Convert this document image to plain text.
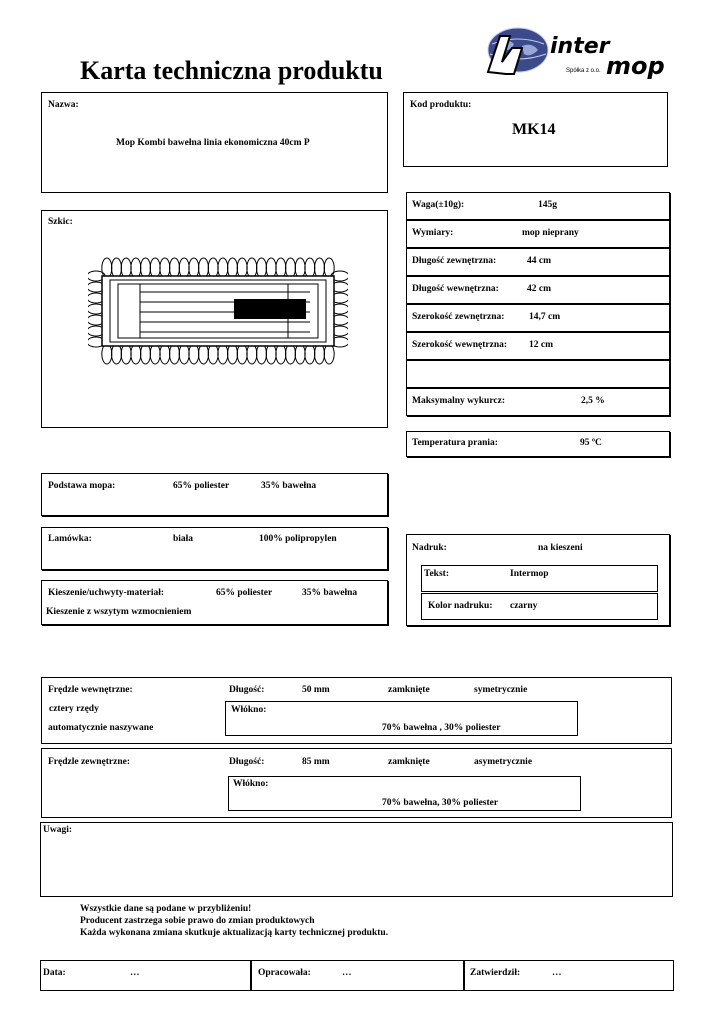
Karta techniczna produktu
inter
mop
Spółka z o.o.
Nazwa:
Mop Kombi bawełna linia ekonomiczna 40cm P
Kod produktu:
MK14
Szkic:
Waga(±10g):	145g
Wymiary:	mop nieprany
Długość zewnętrzna:	44 cm
Długość wewnętrzna:	42 cm
Szerokość zewnętrzna:	14,7 cm
Szerokość wewnętrzna: 12 cm
Maksymalny wykurcz:	2,5 %
Temperatura prania:	95 ºC
Podstawa mopa:	65% poliester	35% bawełna
Lamówka:	biała	100% polipropylen
Kieszenie/uchwyty-materiał:	65% poliester	35% bawełna
Kieszenie z wszytym wzmocnieniem
Nadruk:	na kieszeni
Tekst:	Intermop
Kolor nadruku: czarny
Frędzle wewnętrzne:	Długość:	50 mm	zamknięte	symetrycznie
cztery rzędy
automatycznie naszywane
Włókno:
70% bawełna , 30% poliester
Frędzle zewnętrzne:	Długość:	85 mm	zamknięte	asymetrycznie
Włókno:
70% bawełna, 30% poliester
Uwagi:
Wszystkie dane są podane w przybliżeniu!
Producent zastrzega sobie prawo do zmian produktowych
Każda wykonana zmiana skutkuje aktualizacją karty technicznej produktu.
Data:	…	Opracowała:	…	Zatwierdził:	…
